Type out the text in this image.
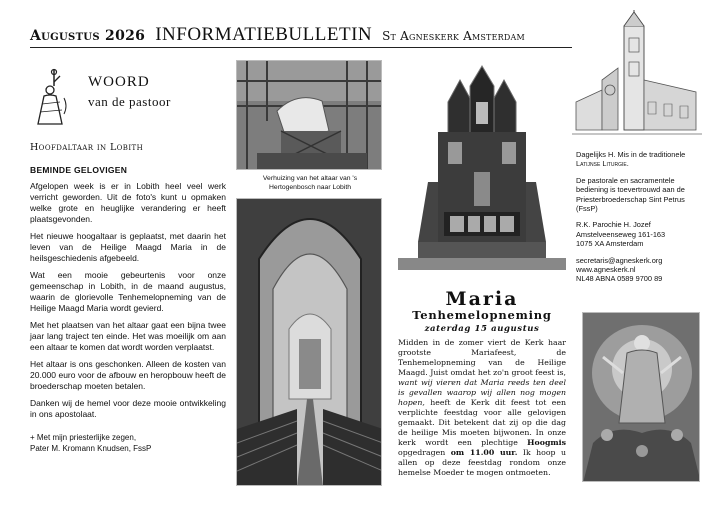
Augustus 2026 INFORMATIEBULLETIN St Agneskerk Amsterdam
WOORD
van de pastoor
Hoofdaltaar in Lobith
BEMINDE GELOVIGEN

Afgelopen week is er in Lobith heel veel werk verricht geworden. Uit de foto's kunt u opmaken welke grote en heuglijke verandering er heeft plaatsgevonden.

Het nieuwe hoogaltaar is geplaatst, met daarin het leven van de Heilige Maagd Maria in de heilsgeschiedenis afgebeeld.

Wat een mooie gebeurtenis voor onze gemeenschap in Lobith, in de maand augustus, waarin de glorievolle Tenhemelopneming van de Heilige Maagd Maria wordt gevierd.

Met het plaatsen van het altaar gaat een bijna twee jaar lang traject ten einde. Het was moeilijk om aan een altaar te komen dat wordt worden verplaatst.

Het altaar is ons geschonken. Alleen de kosten van 20.000 euro voor de afbouw en heropbouw heeft de broederschap moeten betalen.

Danken wij de hemel voor deze mooie ontwikkeling in ons apostolaat.

+ Met mijn priesterlijke zegen,
Pater M. Kromann Knudsen, FssP
Verhuizing van het altaar van 's Hertogenbosch naar Lobith
Maria
Tenhemelopneming
zaterdag 15 augustus

Midden in de zomer viert de Kerk haar grootste Mariafeest, de Tenhemelopneming van de Heilige Maagd. Juist omdat het zo'n groot feest is, want wij vieren dat Maria reeds ten deel is gevallen waarop wij allen nog mogen hopen, heeft de Kerk dit feest tot een verplichte feestdag voor alle gelovigen gemaakt. Dit betekent dat zij op die dag de heilige Mis moeten bijwonen. In onze kerk wordt een plechtige Hoogmis opgedragen om 11.00 uur. Ik hoop u allen op deze feestdag rondom onze hemelse Moeder te mogen ontmoeten.

Dagelijks H. Mis in de traditionele Latijnse Liturgie.

De pastorale en sacramentele bediening is toevertrouwd aan de Priesterbroederschap Sint Petrus (FssP)

R.K. Parochie H. Jozef
Amstelveenseweg 161-163
1075 XA Amsterdam

secretaris@agneskerk.org
www.agneskerk.nl
NL48 ABNA 0589 9700 89
